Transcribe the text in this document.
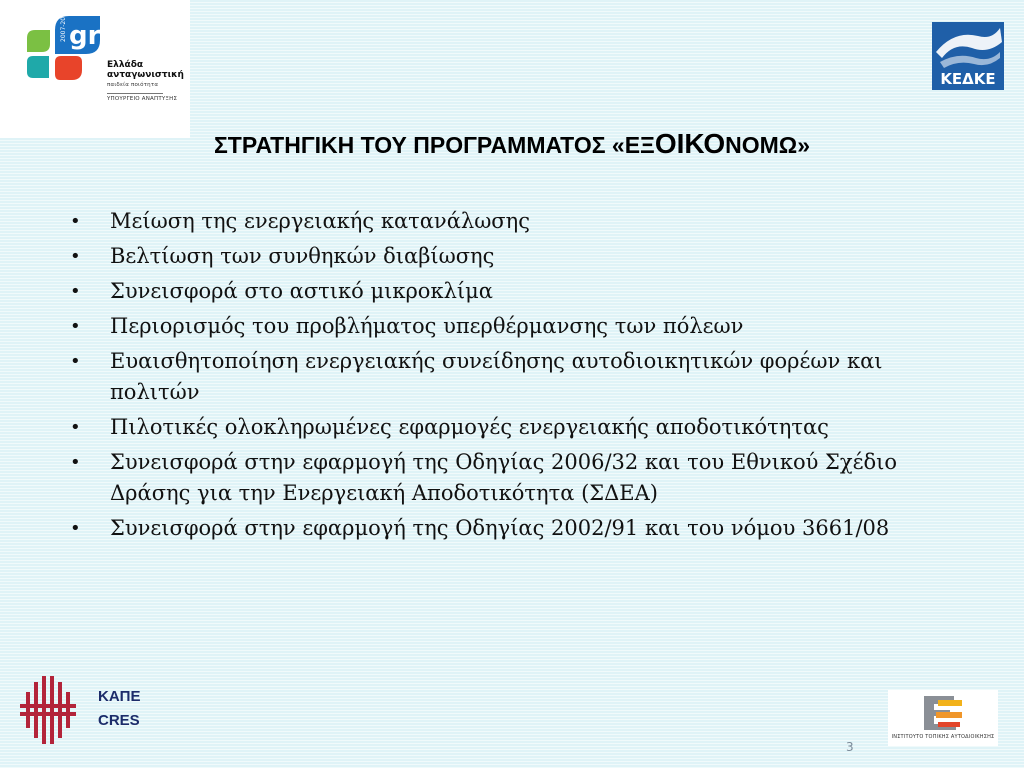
2007-2013 gr
Ελλάδα
ανταγωνιστική
παιδεία ποιότητα
ΥΠΟΥΡΓΕΙΟ ΑΝΑΠΤΥΞΗΣ
ΚΕΔΚΕ
ΣΤΡΑΤΗΓΙΚΗ ΤΟΥ ΠΡΟΓΡΑΜΜΑΤΟΣ «ΕΞΟΙΚΟΝΟΜΩ»
• Μείωση της ενεργειακής κατανάλωσης
• Βελτίωση των συνθηκών διαβίωσης
• Συνεισφορά στο αστικό μικροκλίμα
• Περιορισμός του προβλήματος υπερθέρμανσης των πόλεων
• Ευαισθητοποίηση ενεργειακής συνείδησης αυτοδιοικητικών φορέων και πολιτών
• Πιλοτικές ολοκληρωμένες εφαρμογές ενεργειακής αποδοτικότητας
• Συνεισφορά στην εφαρμογή της Οδηγίας 2006/32 και του Εθνικού Σχέδιο Δράσης για την Ενεργειακή Αποδοτικότητα (ΣΔΕΑ)
• Συνεισφορά στην εφαρμογή της Οδηγίας 2002/91 και του νόμου 3661/08
ΚΑΠΕ
CRES
ΙΝΣΤΙΤΟΥΤΟ ΤΟΠΙΚΗΣ ΑΥΤΟΔΙΟΙΚΗΣΗΣ
3
